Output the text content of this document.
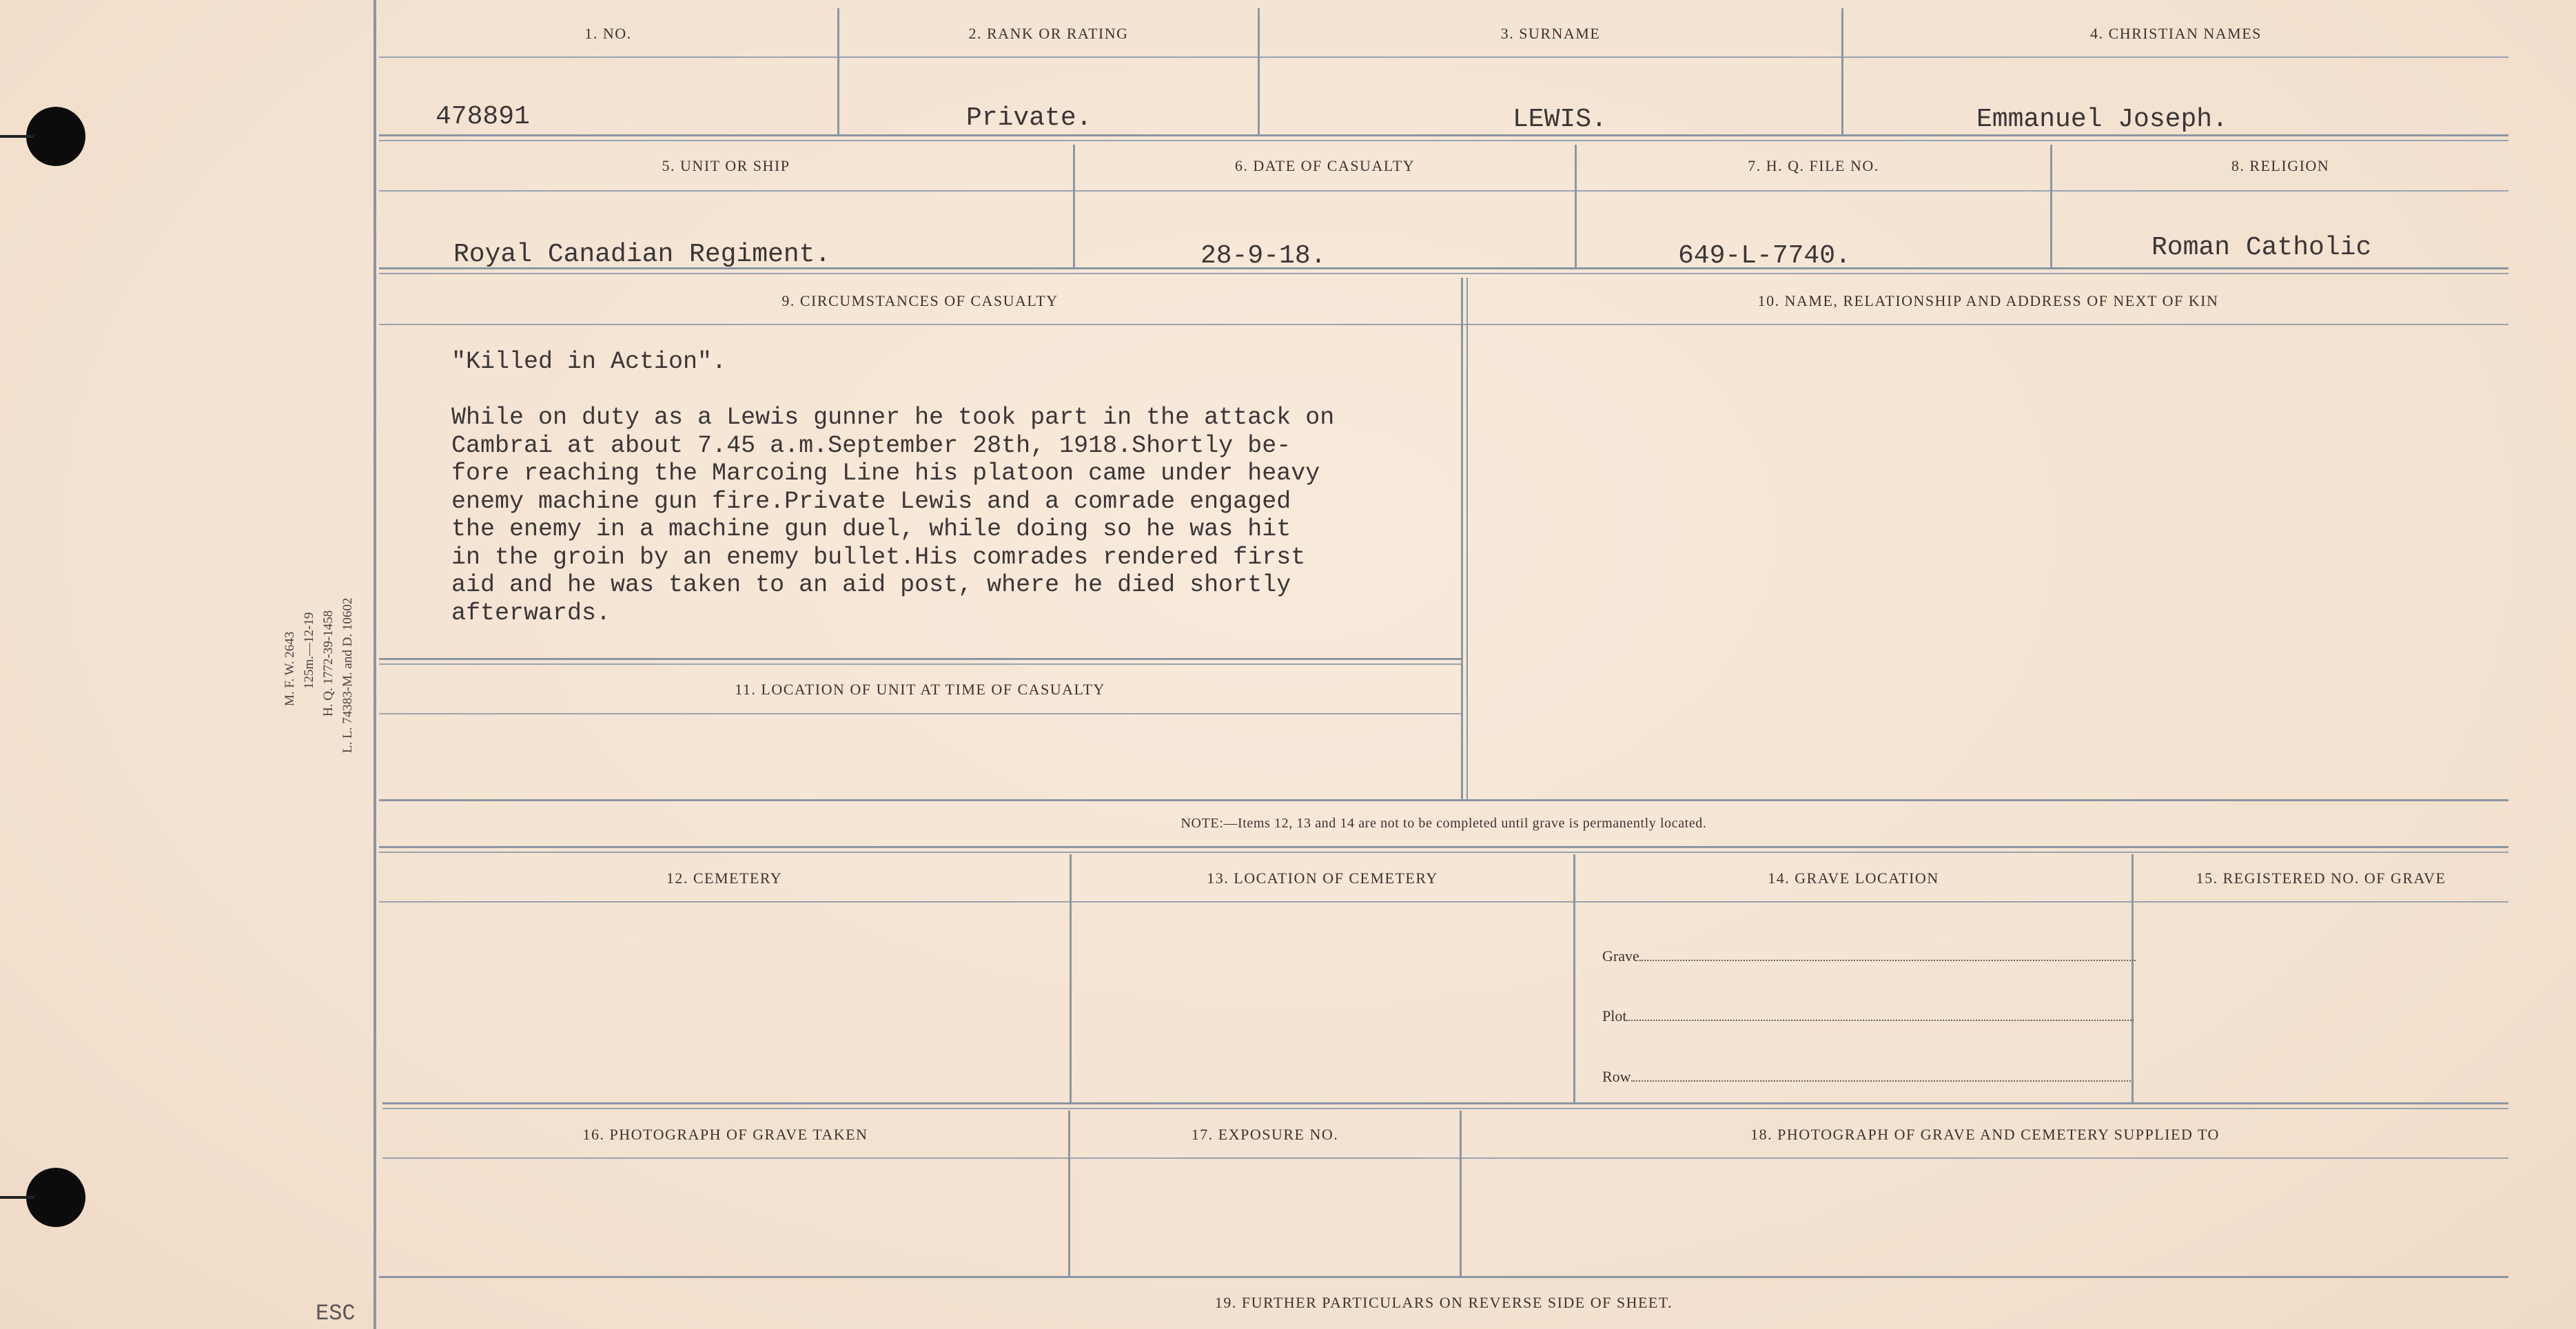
M. F. W. 2643 125m.—12-19 H. Q. 1772-39-1458 L. L. 74383-M. and D. 10602
1. NO.	2. RANK OR RATING	3. SURNAME	4. CHRISTIAN NAMES
478891	Private.	LEWIS.	Emmanuel Joseph.
5. UNIT OR SHIP	6. DATE OF CASUALTY	7. H. Q. FILE NO.	8. RELIGION
Royal Canadian Regiment.	28-9-18.	649-L-7740.	Roman Catholic
9. CIRCUMSTANCES OF CASUALTY	10. NAME, RELATIONSHIP AND ADDRESS OF NEXT OF KIN
"Killed in Action".

While on duty as a Lewis gunner he took part in the attack on
Cambrai at about 7.45 a.m.September 28th, 1918.Shortly be-
fore reaching the Marcoing Line his platoon came under heavy
enemy machine gun fire.Private Lewis and a comrade engaged
the enemy in a machine gun duel, while doing so he was hit
in the groin by an enemy bullet.His comrades rendered first
aid and he was taken to an aid post, where he died shortly
afterwards.
11. LOCATION OF UNIT AT TIME OF CASUALTY
NOTE:—Items 12, 13 and 14 are not to be completed until grave is permanently located.
12. CEMETERY	13. LOCATION OF CEMETERY	14. GRAVE LOCATION	15. REGISTERED NO. OF GRAVE
Grave
Plot
Row
16. PHOTOGRAPH OF GRAVE TAKEN	17. EXPOSURE NO.	18. PHOTOGRAPH OF GRAVE AND CEMETERY SUPPLIED TO
19. FURTHER PARTICULARS ON REVERSE SIDE OF SHEET.
ESC
